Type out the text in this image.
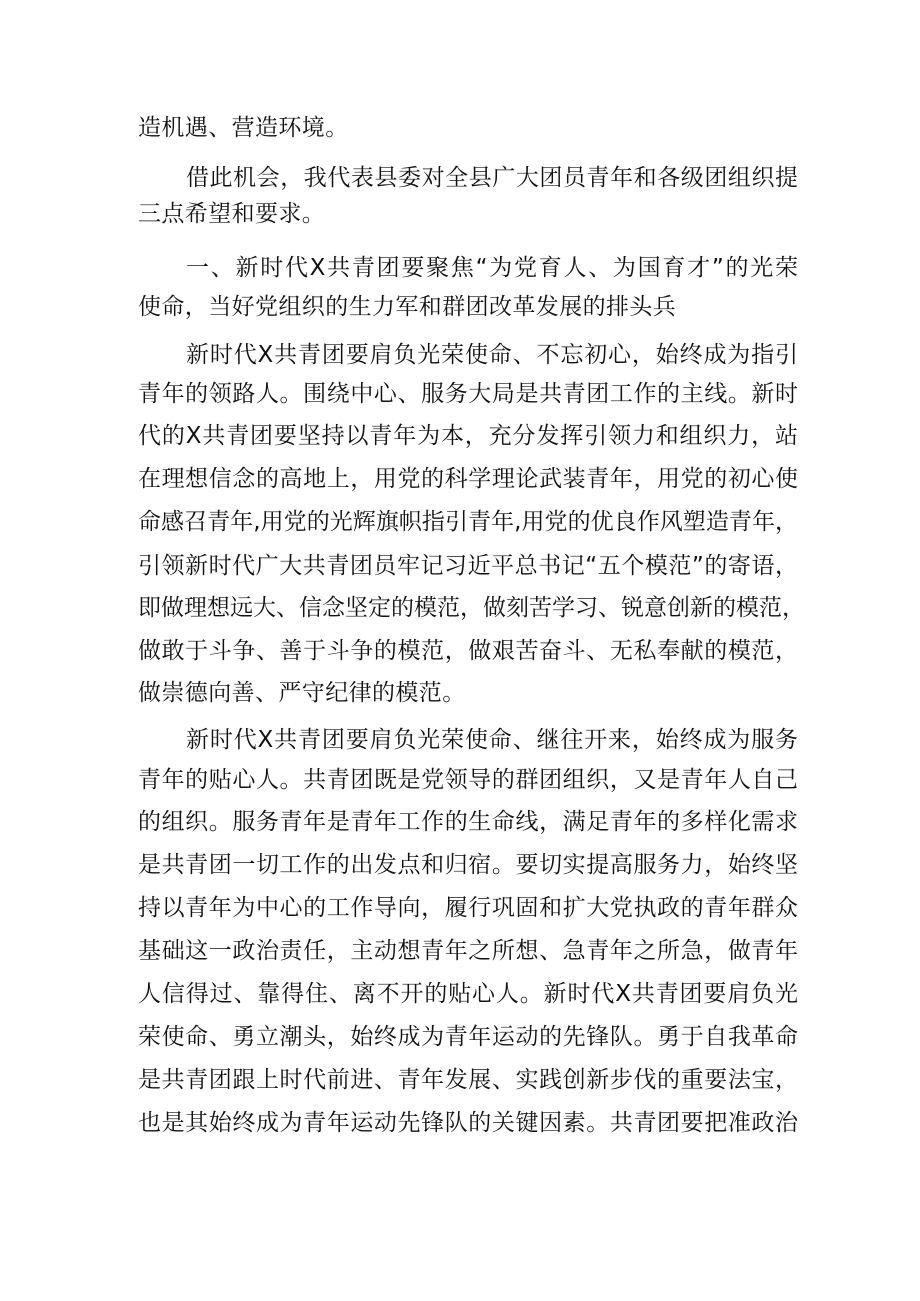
造机遇、营造环境。
借此机会，我代表县委对全县广大团员青年和各级团组织提
三点希望和要求。
一、新时代X共青团要聚焦“为党育人、为国育才”的光荣
使命，当好党组织的生力军和群团改革发展的排头兵
新时代X共青团要肩负光荣使命、不忘初心，始终成为指引
青年的领路人。围绕中心、服务大局是共青团工作的主线。新时
代的X共青团要坚持以青年为本，充分发挥引领力和组织力，站
在理想信念的高地上，用党的科学理论武装青年，用党的初心使
命感召青年,用党的光辉旗帜指引青年,用党的优良作风塑造青年，
引领新时代广大共青团员牢记习近平总书记“五个模范”的寄语，
即做理想远大、信念坚定的模范，做刻苦学习、锐意创新的模范，
做敢于斗争、善于斗争的模范，做艰苦奋斗、无私奉献的模范，
做崇德向善、严守纪律的模范。
新时代X共青团要肩负光荣使命、继往开来，始终成为服务
青年的贴心人。共青团既是党领导的群团组织，又是青年人自己
的组织。服务青年是青年工作的生命线，满足青年的多样化需求
是共青团一切工作的出发点和归宿。要切实提高服务力，始终坚
持以青年为中心的工作导向，履行巩固和扩大党执政的青年群众
基础这一政治责任，主动想青年之所想、急青年之所急，做青年
人信得过、靠得住、离不开的贴心人。新时代X共青团要肩负光
荣使命、勇立潮头，始终成为青年运动的先锋队。勇于自我革命
是共青团跟上时代前进、青年发展、实践创新步伐的重要法宝，
也是其始终成为青年运动先锋队的关键因素。共青团要把准政治
